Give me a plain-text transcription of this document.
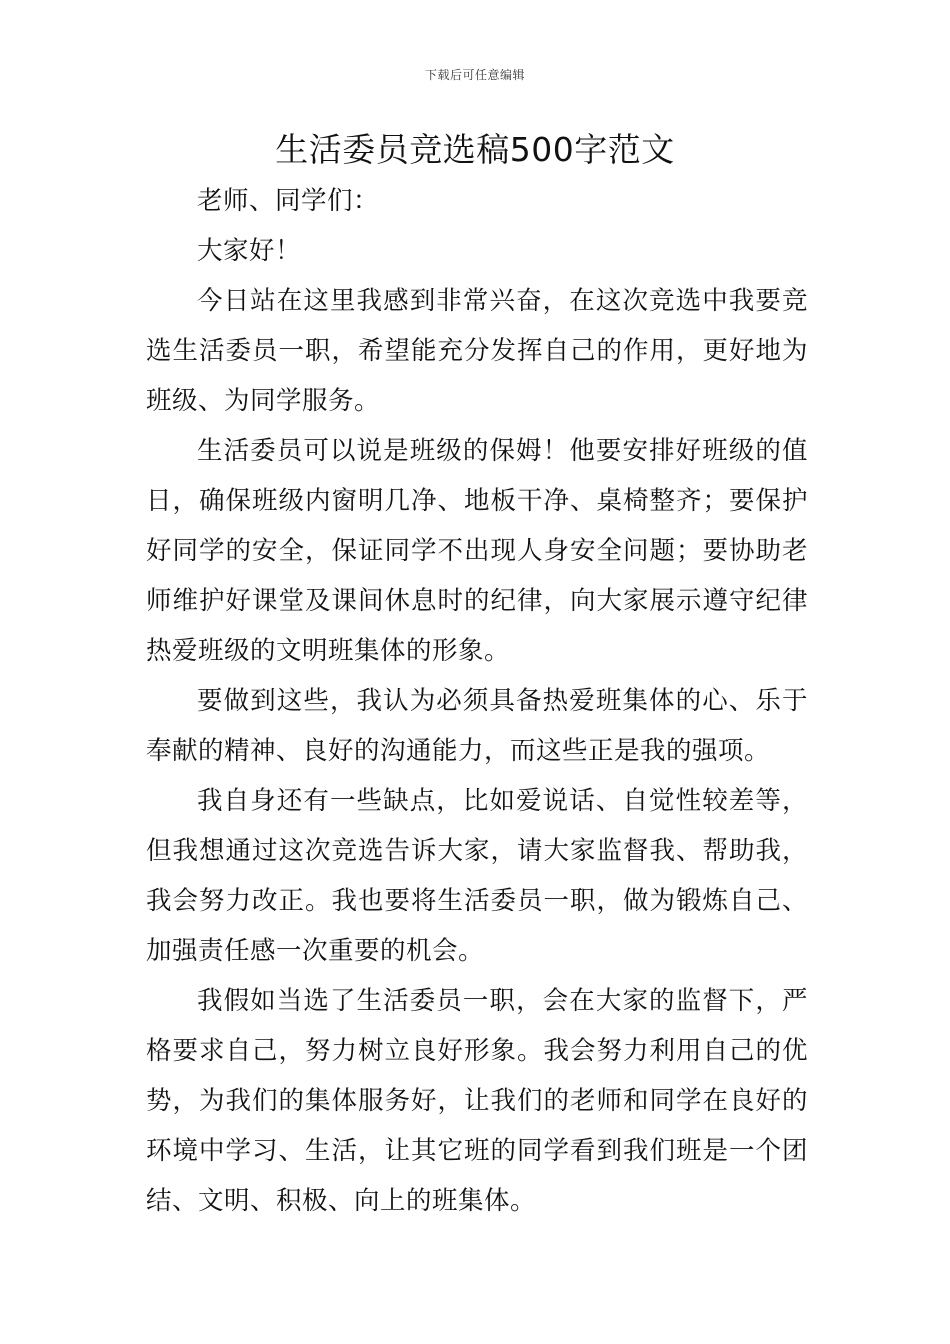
下载后可任意编辑
生活委员竞选稿500字范文

老师、同学们：

大家好！

今日站在这里我感到非常兴奋，在这次竞选中我要竞选生活委员一职，希望能充分发挥自己的作用，更好地为班级、为同学服务。

生活委员可以说是班级的保姆！他要安排好班级的值日，确保班级内窗明几净、地板干净、桌椅整齐；要保护好同学的安全，保证同学不出现人身安全问题；要协助老师维护好课堂及课间休息时的纪律，向大家展示遵守纪律热爱班级的文明班集体的形象。

要做到这些，我认为必须具备热爱班集体的心、乐于奉献的精神、良好的沟通能力，而这些正是我的强项。

我自身还有一些缺点，比如爱说话、自觉性较差等，但我想通过这次竞选告诉大家，请大家监督我、帮助我，我会努力改正。我也要将生活委员一职，做为锻炼自己、加强责任感一次重要的机会。

我假如当选了生活委员一职，会在大家的监督下，严格要求自己，努力树立良好形象。我会努力利用自己的优势，为我们的集体服务好，让我们的老师和同学在良好的环境中学习、生活，让其它班的同学看到我们班是一个团结、文明、积极、向上的班集体。
